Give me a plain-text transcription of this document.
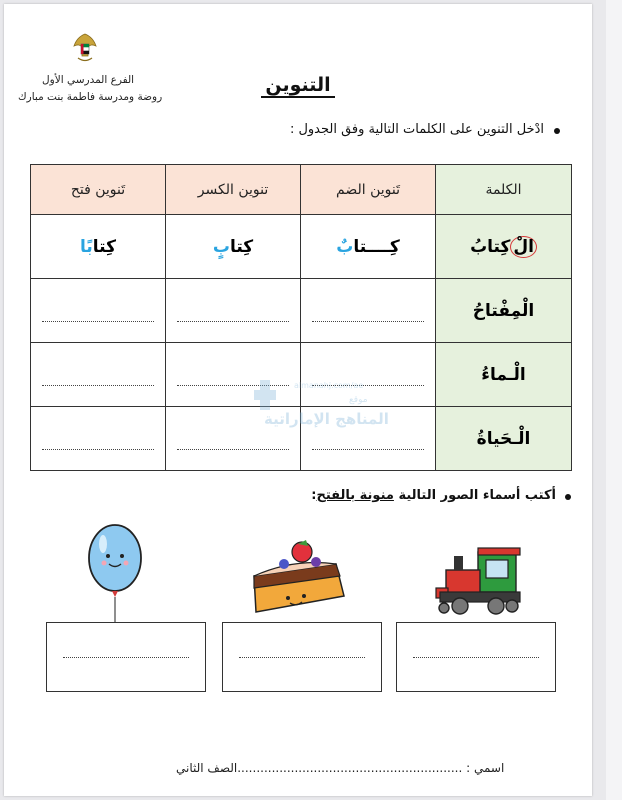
الفرع المدرسي الأول
روضة ومدرسة فاطمة بنت مبارك
التنوين
ادْخل التنوين على الكلمات التالية وفق الجدول :
الكلمة	تَنوين الضم	تنوين الكسر	تَنوين فتح
الْكِتابُ	كِــــتابٌ	كِتابٍ	كِتابًا
الْمِفْتاحُ			
الْـماءُ			
الْـحَياةُ			
almanahj.com/ae
موقع
المناهج الإماراتية
أكتب أسماء الصور التالية منونة بالفتح:
اسمي : ...........................................................الصف الثاني
